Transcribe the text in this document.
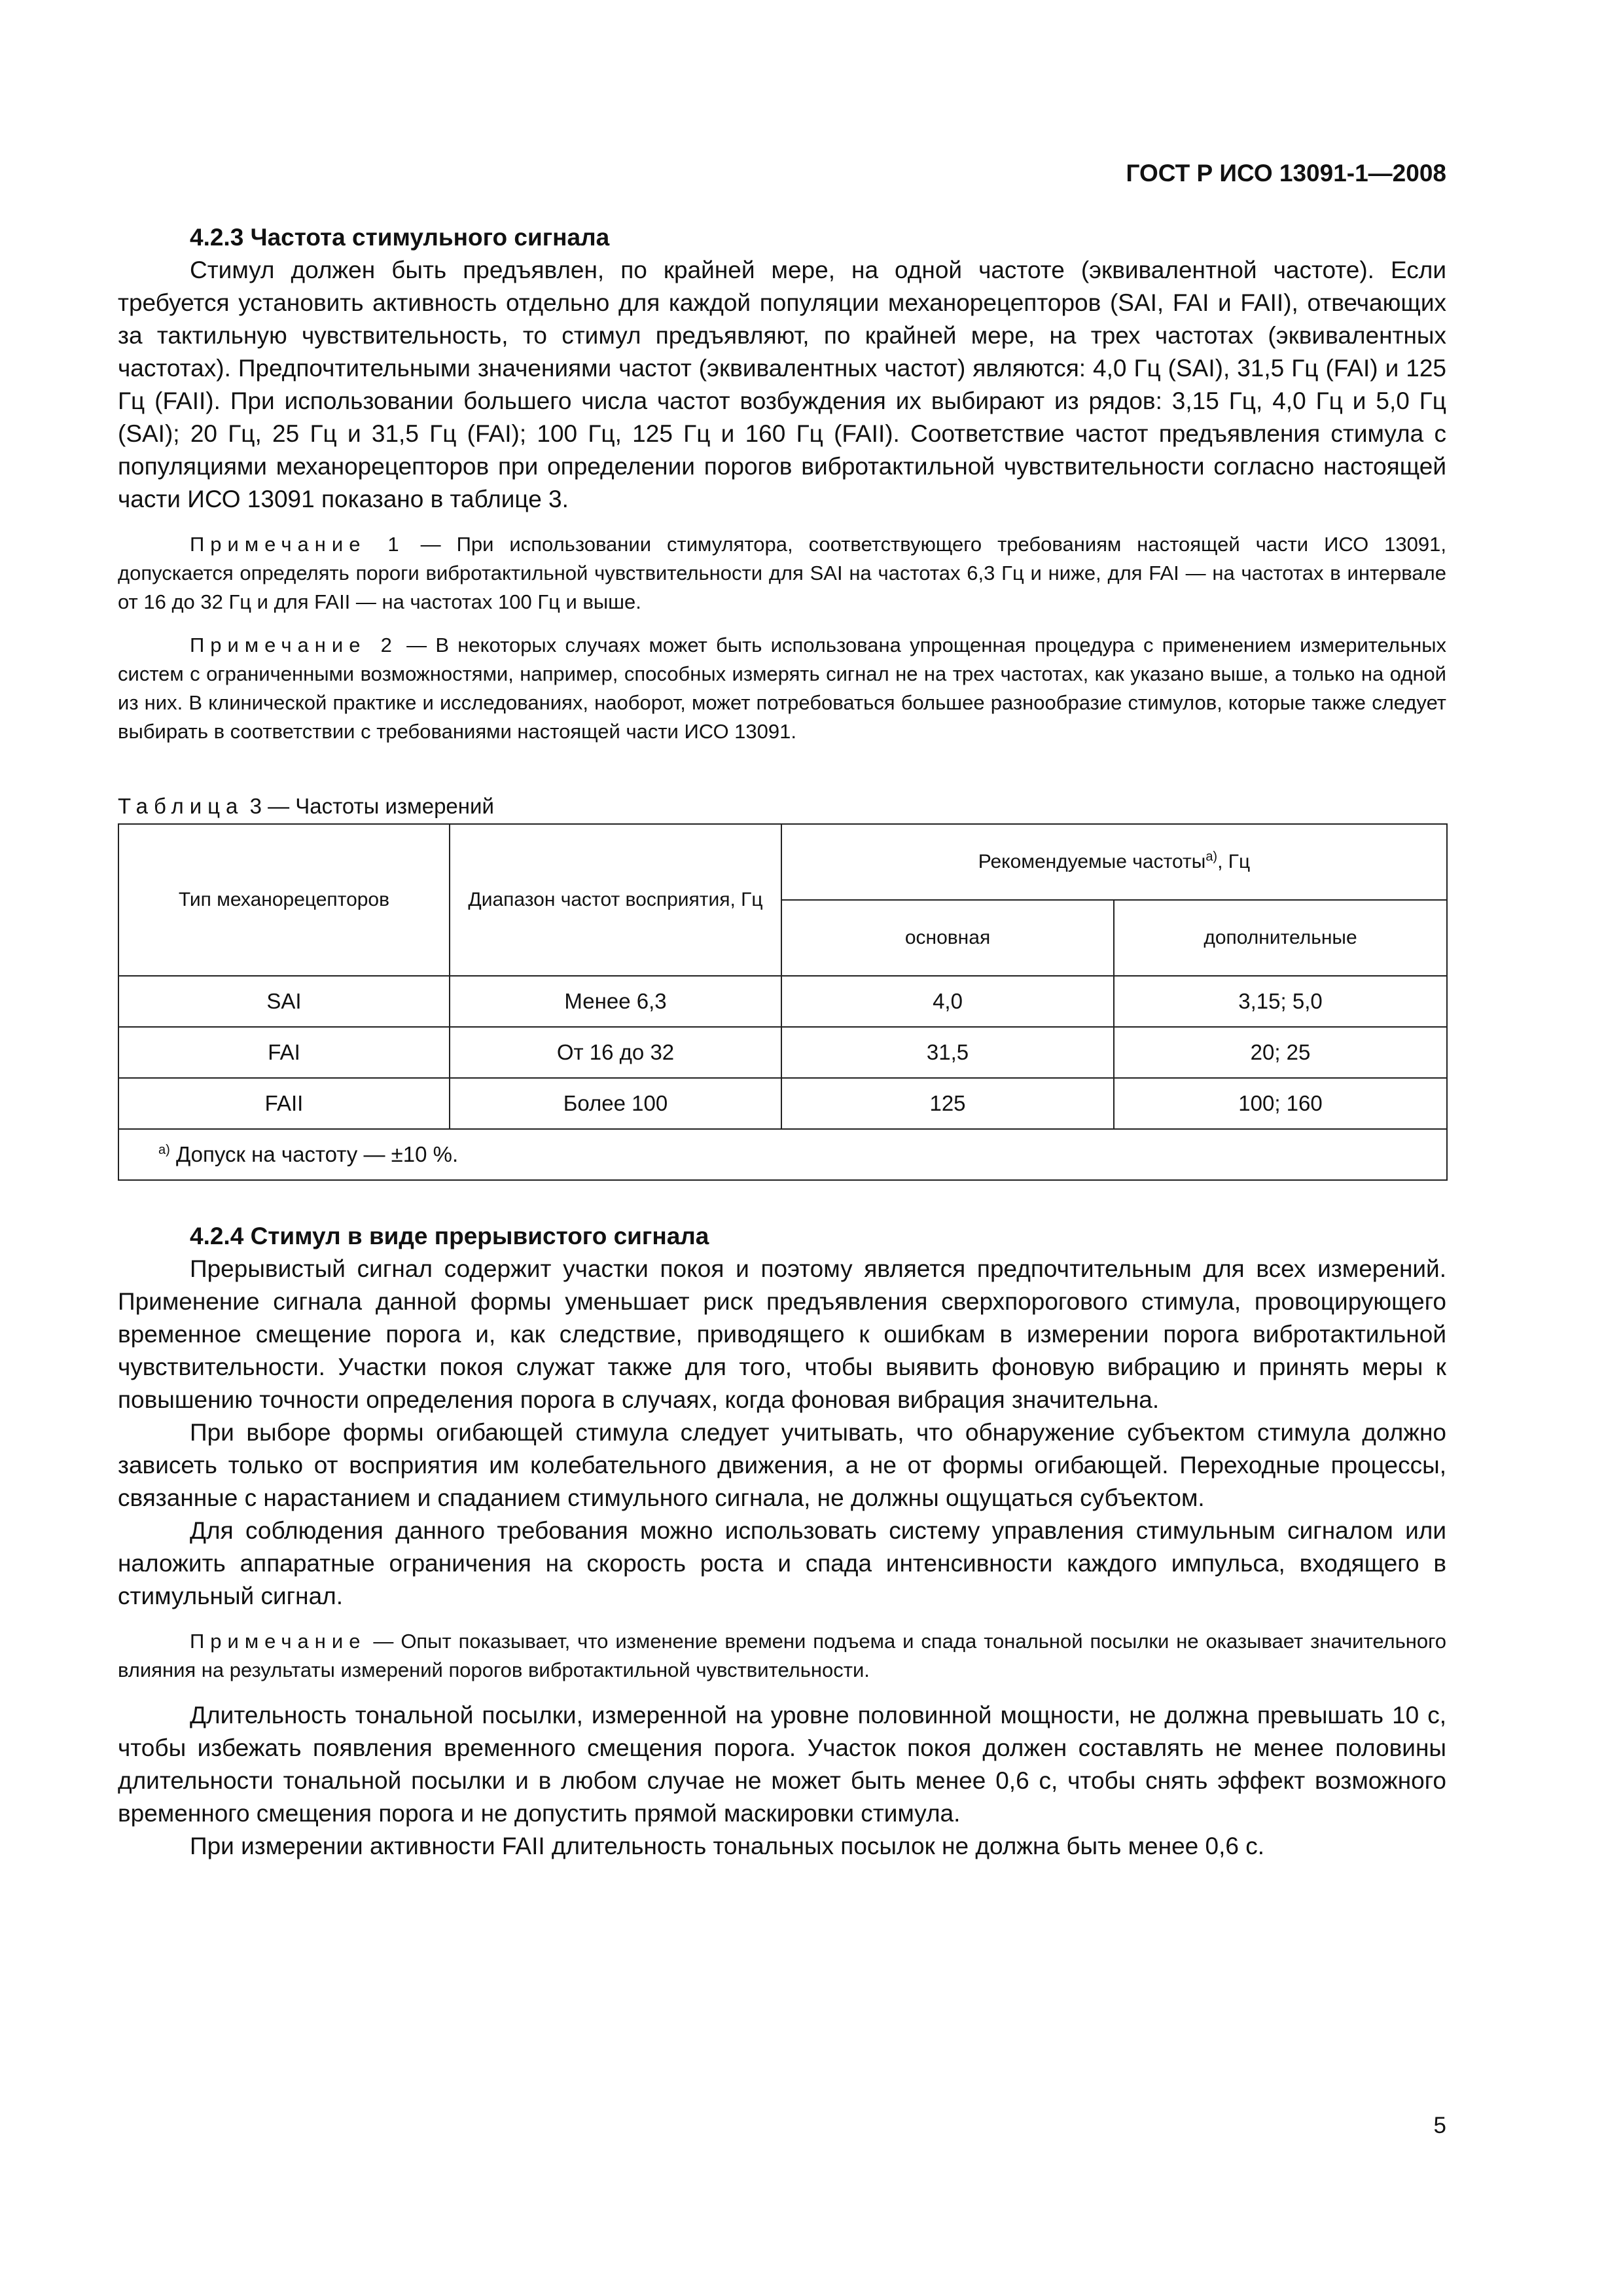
ГОСТ Р ИСО 13091-1—2008
4.2.3 Частота стимульного сигнала

Стимул должен быть предъявлен, по крайней мере, на одной частоте (эквивалентной частоте). Если требуется установить активность отдельно для каждой популяции механорецепторов (SAI, FAI и FAII), отвечающих за тактильную чувствительность, то стимул предъявляют, по крайней мере, на трех частотах (эквивалентных частотах). Предпочтительными значениями частот (эквивалентных частот) являются: 4,0 Гц (SAI), 31,5 Гц (FAI) и 125 Гц (FAII). При использовании большего числа частот возбуждения их выбирают из рядов: 3,15 Гц, 4,0 Гц и 5,0 Гц (SAI); 20 Гц, 25 Гц и 31,5 Гц (FAI); 100 Гц, 125 Гц и 160 Гц (FAII). Соответствие частот предъявления стимула с популяциями механорецепторов при определении порогов вибротактильной чувствительности согласно настоящей части ИСО 13091 показано в таблице 3.

Примечание 1 — При использовании стимулятора, соответствующего требованиям настоящей части ИСО 13091, допускается определять пороги вибротактильной чувствительности для SAI на частотах 6,3 Гц и ниже, для FAI — на частотах в интервале от 16 до 32 Гц и для FAII — на частотах 100 Гц и выше.

Примечание 2 — В некоторых случаях может быть использована упрощенная процедура с применением измерительных систем с ограниченными возможностями, например, способных измерять сигнал не на трех частотах, как указано выше, а только на одной из них. В клинической практике и исследованиях, наоборот, может потребоваться большее разнообразие стимулов, которые также следует выбирать в соответствии с требованиями настоящей части ИСО 13091.

Таблица 3 — Частоты измерений
Тип механорецепторов	Диапазон частот восприятия, Гц	Рекомендуемые частоты$^{a)}$, Гц	
		основная	дополнительные
SAI	Менее 6,3	4,0	3,15; 5,0
FAI	От 16 до 32	31,5	20; 25
FAII	Более 100	125	100; 160
$^{a)}$ Допуск на частоту — ±10 %.			
4.2.4 Стимул в виде прерывистого сигнала

Прерывистый сигнал содержит участки покоя и поэтому является предпочтительным для всех измерений. Применение сигнала данной формы уменьшает риск предъявления сверхпорогового стимула, провоцирующего временное смещение порога и, как следствие, приводящего к ошибкам в измерении порога вибротактильной чувствительности. Участки покоя служат также для того, чтобы выявить фоновую вибрацию и принять меры к повышению точности определения порога в случаях, когда фоновая вибрация значительна.

При выборе формы огибающей стимула следует учитывать, что обнаружение субъектом стимула должно зависеть только от восприятия им колебательного движения, а не от формы огибающей. Переходные процессы, связанные с нарастанием и спаданием стимульного сигнала, не должны ощущаться субъектом.

Для соблюдения данного требования можно использовать систему управления стимульным сигналом или наложить аппаратные ограничения на скорость роста и спада интенсивности каждого импульса, входящего в стимульный сигнал.

Примечание — Опыт показывает, что изменение времени подъема и спада тональной посылки не оказывает значительного влияния на результаты измерений порогов вибротактильной чувствительности.

Длительность тональной посылки, измеренной на уровне половинной мощности, не должна превышать 10 с, чтобы избежать появления временного смещения порога. Участок покоя должен составлять не менее половины длительности тональной посылки и в любом случае не может быть менее 0,6 с, чтобы снять эффект возможного временного смещения порога и не допустить прямой маскировки стимула.

При измерении активности FAII длительность тональных посылок не должна быть менее 0,6 с.

5
